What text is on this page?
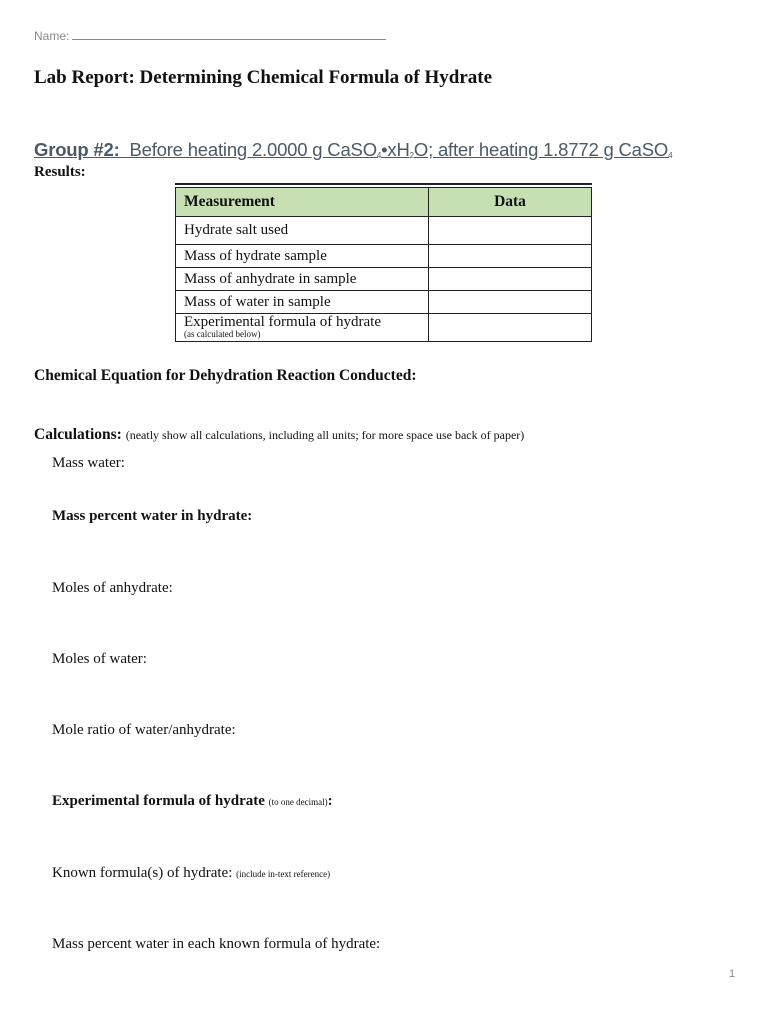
Name:
Lab Report: Determining Chemical Formula of Hydrate
Group #2: Before heating 2.0000 g $CaSO_4•xH_2O$; after heating 1.8772 g CaSO$_4$
Results:
Measurement	Data
Hydrate salt used	
Mass of hydrate sample	
Mass of anhydrate in sample	
Mass of water in sample	
Experimental formula of hydrate
(as calculated below)	

Chemical Equation for Dehydration Reaction Conducted:
Calculations: (neatly show all calculations, including all units; for more space use back of paper)
Mass water:
Mass percent water in hydrate:
Moles of anhydrate:
Moles of water:
Mole ratio of water/anhydrate:
Experimental formula of hydrate (to one decimal):
Known formula(s) of hydrate: (include in-text reference)
Mass percent water in each known formula of hydrate:
1
